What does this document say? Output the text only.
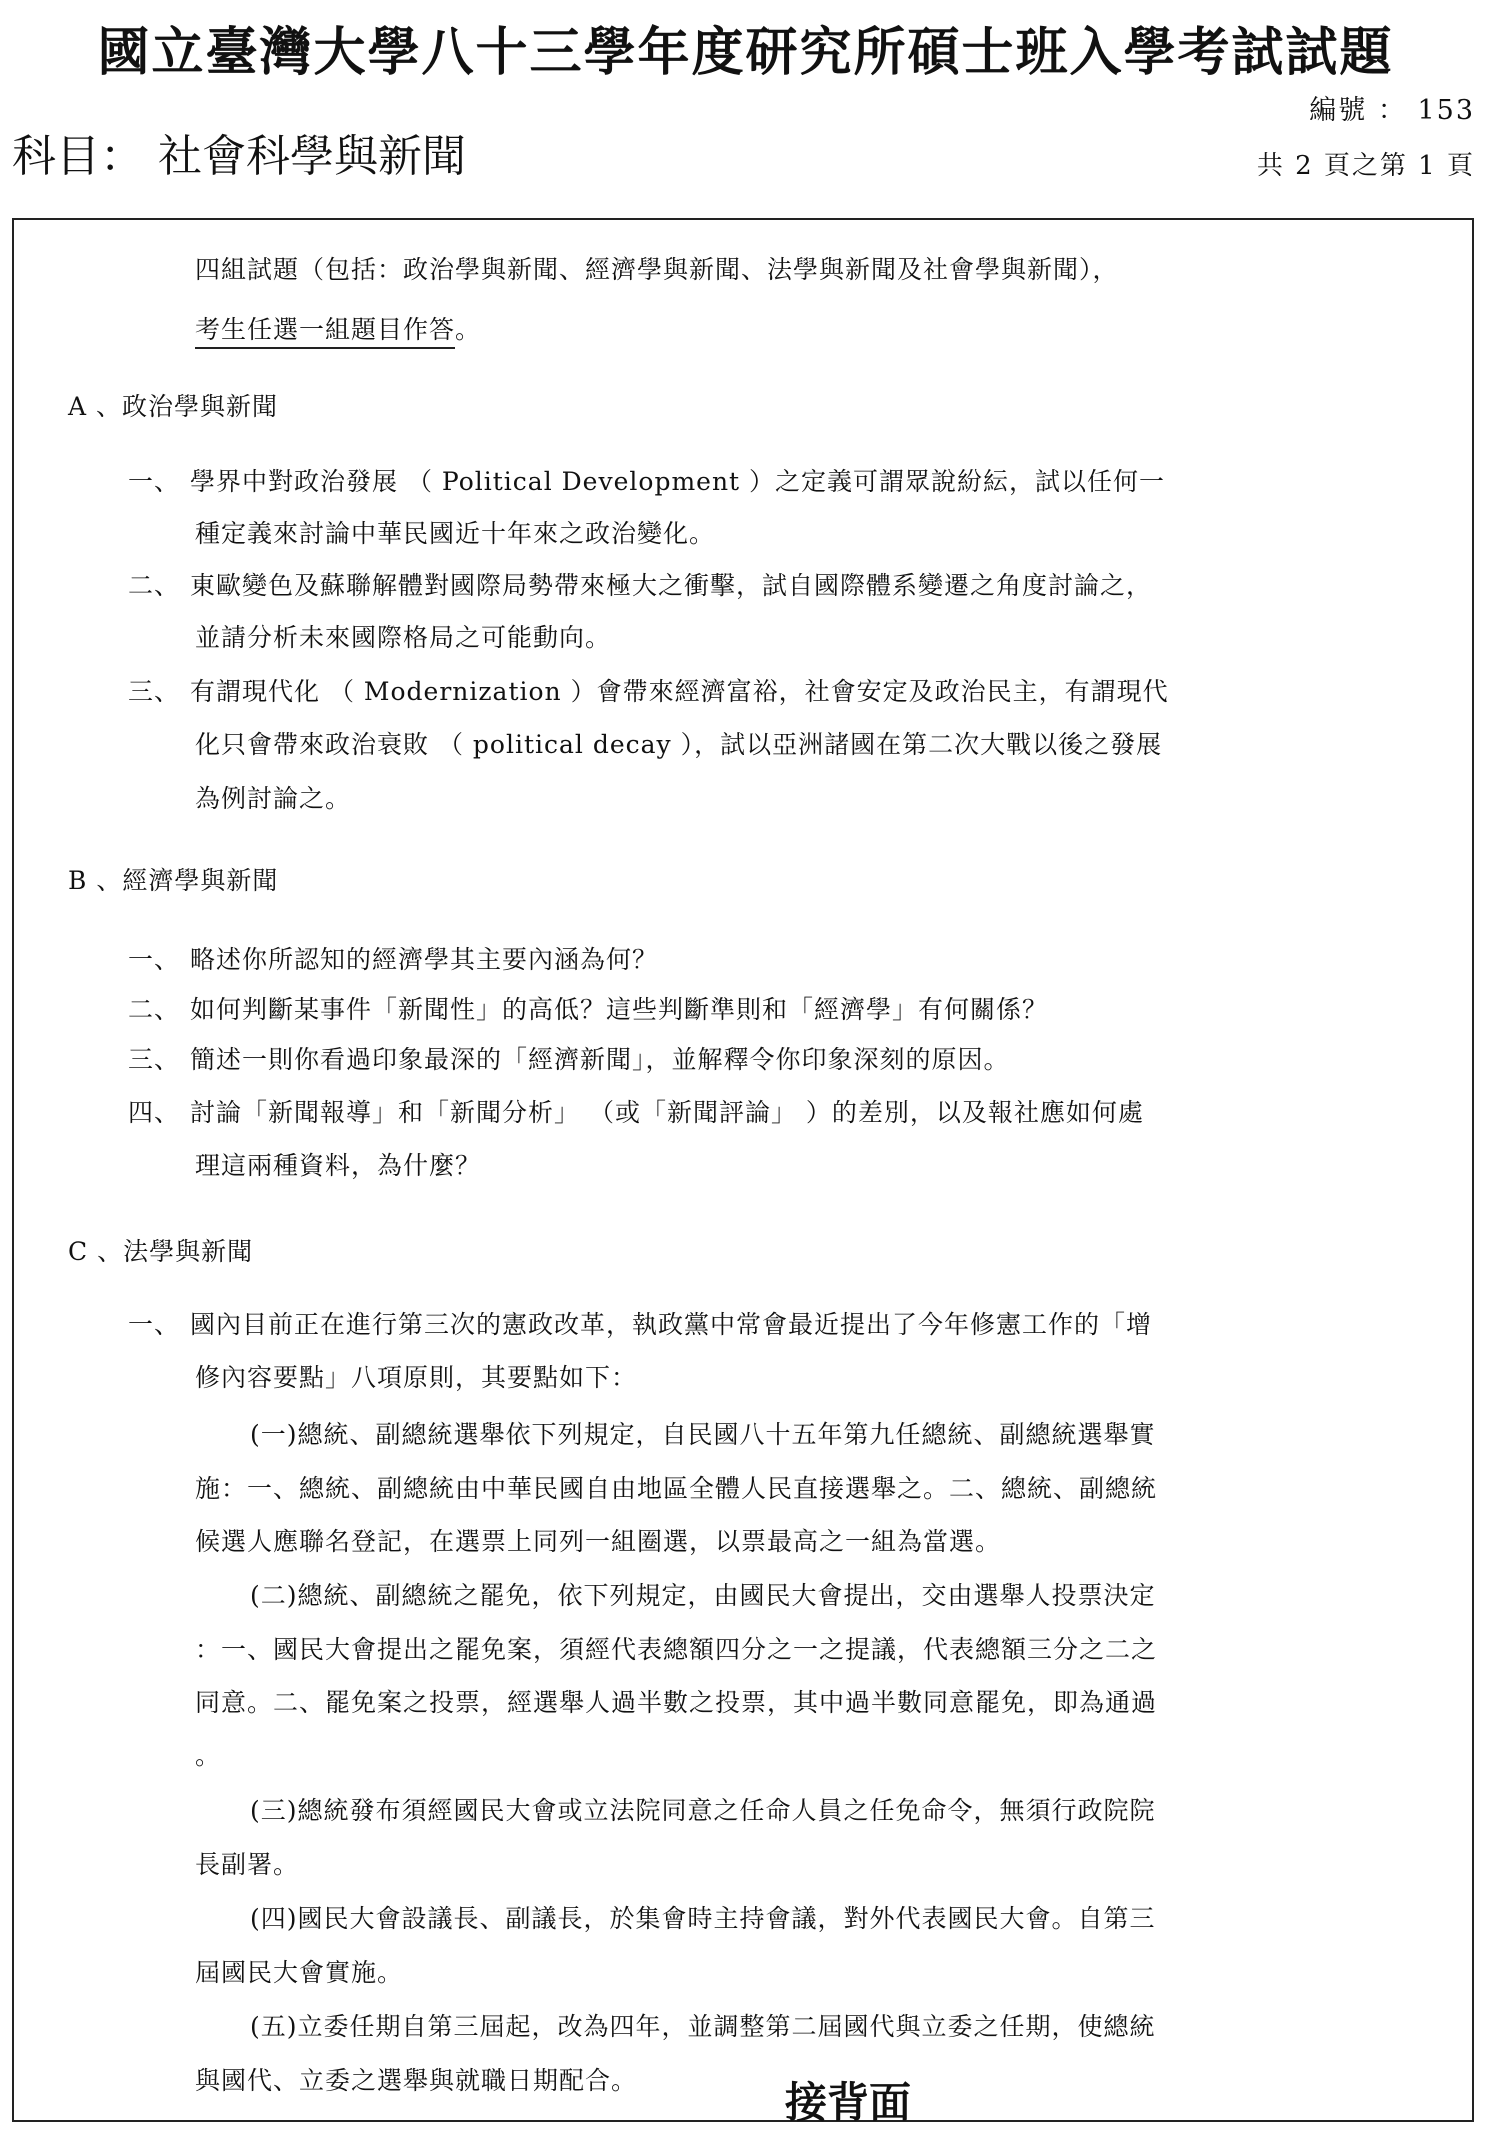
國立臺灣大學八十三學年度研究所碩士班入學考試試題
編號 ： 153
科目： 社會科學與新聞	共 2 頁之第 1 頁
四組試題（包括：政治學與新聞、經濟學與新聞、法學與新聞及社會學與新聞），
考生任選一組題目作答。
A 、政治學與新聞
一、 學界中對政治發展 （ Political Development ）之定義可謂眾說紛紜，試以任何一
種定義來討論中華民國近十年來之政治變化。
二、 東歐變色及蘇聯解體對國際局勢帶來極大之衝擊，試自國際體系變遷之角度討論之，
並請分析未來國際格局之可能動向。
三、 有謂現代化 （ Modernization ）會帶來經濟富裕，社會安定及政治民主，有謂現代
化只會帶來政治衰敗 （ political decay ），試以亞洲諸國在第二次大戰以後之發展
為例討論之。
B 、經濟學與新聞
一、 略述你所認知的經濟學其主要內涵為何？
二、 如何判斷某事件「新聞性」的高低？這些判斷準則和「經濟學」有何關係？
三、 簡述一則你看過印象最深的「經濟新聞」，並解釋令你印象深刻的原因。
四、 討論「新聞報導」和「新聞分析」 （或「新聞評論」 ）的差別，以及報社應如何處
理這兩種資料，為什麼？
C 、法學與新聞
一、 國內目前正在進行第三次的憲政改革，執政黨中常會最近提出了今年修憲工作的「增
修內容要點」八項原則，其要點如下：
(一)總統、副總統選舉依下列規定，自民國八十五年第九任總統、副總統選舉實
施：一、總統、副總統由中華民國自由地區全體人民直接選舉之。二、總統、副總統
候選人應聯名登記，在選票上同列一組圈選，以票最高之一組為當選。
(二)總統、副總統之罷免，依下列規定，由國民大會提出，交由選舉人投票決定
：一、國民大會提出之罷免案，須經代表總額四分之一之提議，代表總額三分之二之
同意。二、罷免案之投票，經選舉人過半數之投票，其中過半數同意罷免，即為通過
。
(三)總統發布須經國民大會或立法院同意之任命人員之任免命令，無須行政院院
長副署。
(四)國民大會設議長、副議長，於集會時主持會議，對外代表國民大會。自第三
屆國民大會實施。
(五)立委任期自第三屆起，改為四年，並調整第二屆國代與立委之任期，使總統
與國代、立委之選舉與就職日期配合。	接背面
